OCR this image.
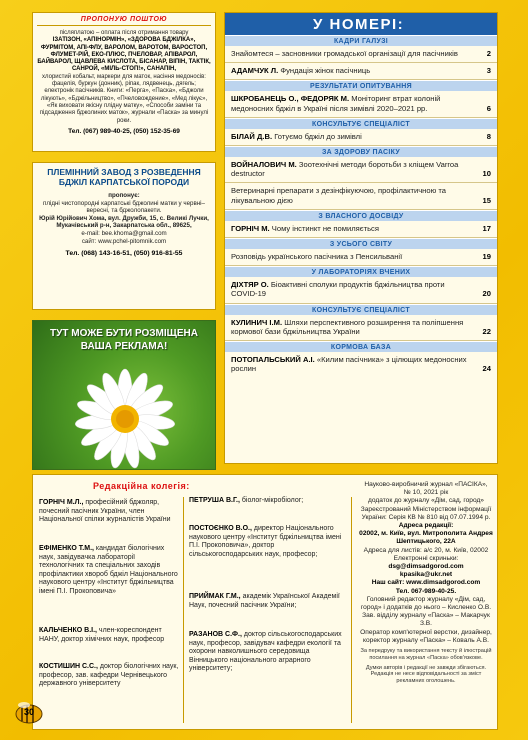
ПРОПОНУЮ ПОШТОЮ
післяплатою – оплата після отримання товару
ІЗАТІЗОН, «АПІНОРМІН», «ЗДОРОВА БДЖІЛКА», ФУРМІТОМ, АПІ-ФЛУ, ВАРОЛОМ, ВАРОТОМ, ВАРОСТОП, ФЛУМЕТ-РІЙ, ЕКО-ПЛЮС, ПЧЕЛОВАР, АПІВАРОЛ, БАЙВАРОЛ, ЩАВЛЕВА КИСЛОТА, БІСАНАР, ВІПІН, ТАКТІК, САНРОЙ, «МІЛЬ-СТОП!», САНАПІН,
хлористий кобальт, маркери для маток, насіння медоносів: фацелія, буркун (донник), ріпак, лядвенець, дягель;
електронік пасічників. Книги: «Перга», «Паска», «Бджоли лікують», «Бджільництво», «Пчеловождение», «Мед лікує», «Як виховати якісну плідну матку», «Способи заміни та підсадження бджолиних маток», журнали «Паска» за минулі роки.
Тел. (067) 989-40-25, (050) 152-35-69
ПЛЕМІННИЙ ЗАВОД З РОЗВЕДЕННЯ БДЖІЛ КАРПАТСЬКОЇ ПОРОДИ
пропонує:
плідні чистопородні карпатські бджолині матки у червні–вересні, та бджолопакети.
Юрій Юрійович Хома, вул. Дружби, 15, с. Великі Лучки, Мукачівський р-н, Закарпатська обл., 89625,
e-mail: bee.khoma@gmail.com
сайт: www.pchel-pitomnik.com
Тел. (068) 143-16-51, (050) 916-81-55
ТУТ МОЖЕ БУТИ РОЗМІЩЕНА
ВАША РЕКЛАМА!
У НОМЕРІ:
КАДРИ ГАЛУЗІ
Знайомтеся – засновники громадської організації для пасічників	2
АДАМЧУК Л. Фундація жінок пасічниць	3
РЕЗУЛЬТАТИ ОПИТУВАННЯ
ШКРОБАНЕЦЬ О., ФЕДОРЯК М. Моніторинг втрат колоній медоносних бджіл в Україні після зимівлі 2020–2021 рр.	6
КОНСУЛЬТУЄ СПЕЦІАЛІСТ
БІЛАЙ Д.В. Готуємо бджіл до зимівлі	8
ЗА ЗДОРОВУ ПАСІКУ
ВОЙНАЛОВИЧ М. Зоотехнічні методи боротьби з кліщем Varroa destructor	10
Ветеринарні препарати з дезінфікуючою, профілактичною та лікувальною дією	15
З ВЛАСНОГО ДОСВІДУ
ГОРНІЧ М. Чому інстинкт не помиляється	17
З УСЬОГО СВІТУ
Розповідь українського пасічника з Пенсильванії	19
У ЛАБОРАТОРІЯХ ВЧЕНИХ
ДІХТЯР О. Біоактивні сполуки продуктів бджільництва проти COVID-19	20
КОНСУЛЬТУЄ СПЕЦІАЛІСТ
КУЛИНИЧ І.М. Шляхи перспективного розширення та поліпшення кормової бази бджільництва України	22
КОРМОВА БАЗА
ПОТОПАЛЬСЬКИЙ А.І. «Килим пасічника» з цілющих медоносних рослин	24
Редакційна колегія:
ГОРНІЧ М.Л., професійний бджоляр, почесний пасічник України, член Національної спілки журналістів України
ЕФІМЕНКО Т.М., кандидат біологічних наук, завідувачка лабораторії технологічних та спеціальних заходів профілактики хвороб бджіл Національного наукового центру «Інститут бджільництва імені П.І. Прокоповича»
КАЛЬЧЕНКО В.І., член-кореспондент НАНУ, доктор хімічних наук, професор
КОСТИШИН С.С., доктор біологічних наук, професор, зав. кафедри Чернівецького державного університету
ПЕТРУША В.Г., біолог-мікробіолог;
ПОСТОЄНКО В.О., директор Національного наукового центру «Інститут бджільництва імені П.І. Прокоповича», доктор сільськогосподарських наук, професор;
ПРИЙМАК Г.М., академік Української Академії Наук, почесний пасічник України;
РАЗАНОВ С.Ф., доктор сільськогосподарських наук, професор, завідувач кафедри екології та охорони навколишнього середовища Вінницького національного аграрного університету;
Науково-виробничий журнал «ПАСІКА»,
№ 10, 2021 рік
додаток до журналу «Дім, сад, город»
Зареєстрований Міністерством інформації України: Серія КВ № 810 від 07.07.1994 р.
Адреса редакції:
02002, м. Київ, вул. Митрополита Андрея Шептицького, 22А
Адреса для листів: а/с 20, м. Київ, 02002
Електронні скриньки:
dsg@dimsadgorod.com
kpasika@ukr.net
Наш сайт: www.dimsadgorod.com
Тел. 067-989-40-25.
Головний редактор журналу «Дім, сад, город» і додатків до нього – Кисленко О.В.
Зав. відділу журналу «Паска» – Макарчук З.В.
Оператор комп'ютерної верстки, дизайнер, коректор журналу «Паска» – Коваль А.В.
За передруку та використання тексту й ілюстрацій посилання на журнал «Паска» обов'язкове.
Думки авторів і редакції не завжди збігаються. Редакція не несе відповідальності за зміст рекламних оголошень.
30
